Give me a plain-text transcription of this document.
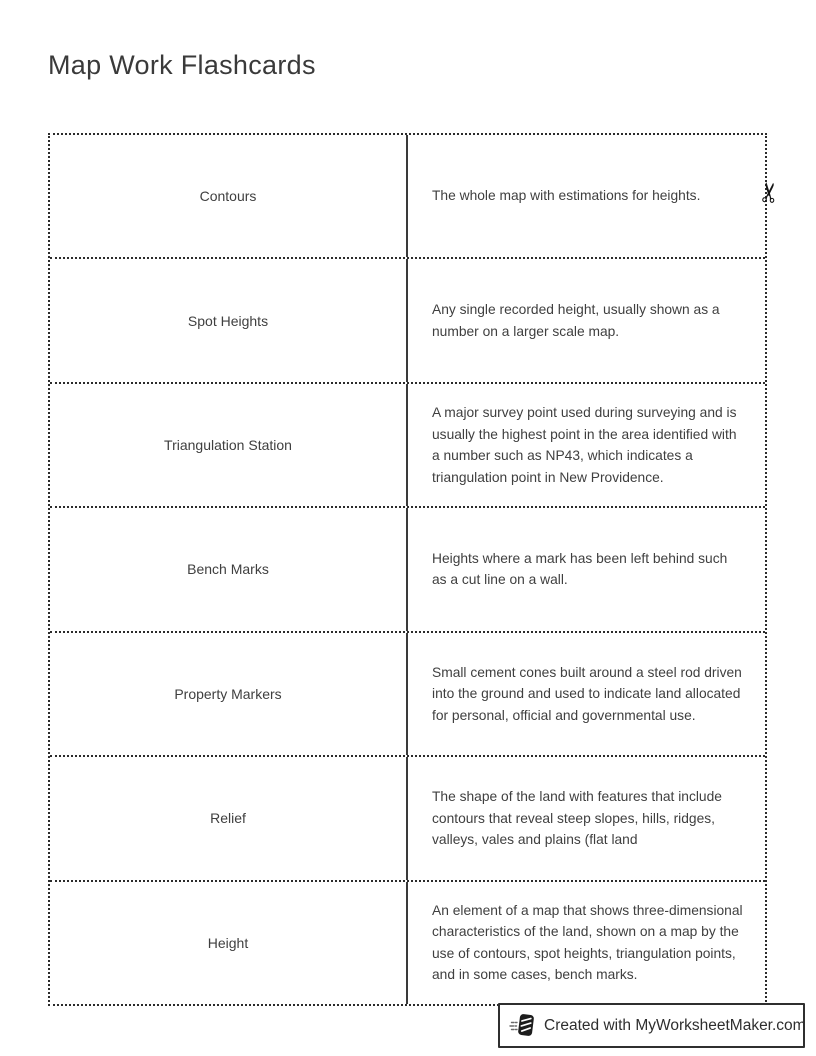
Map Work Flashcards
Contours	The whole map with estimations for heights.
Spot Heights
Any single recorded height, usually shown as a number on a larger scale map.
Triangulation Station
A major survey point used during surveying and is usually the highest point in the area identified with a number such as NP43, which indicates a triangulation point in New Providence.
Bench Marks
Heights where a mark has been left behind such as a cut line on a wall.
Property Markers
Small cement cones built around a steel rod driven into the ground and used to indicate land allocated for personal, official and governmental use.
Relief
The shape of the land with features that include contours that reveal steep slopes, hills, ridges, valleys, vales and plains (flat land
Height
An element of a map that shows three-dimensional characteristics of the land, shown on a map by the use of contours, spot heights, triangulation points, and in some cases, bench marks.
✂
Created with MyWorksheetMaker.com
